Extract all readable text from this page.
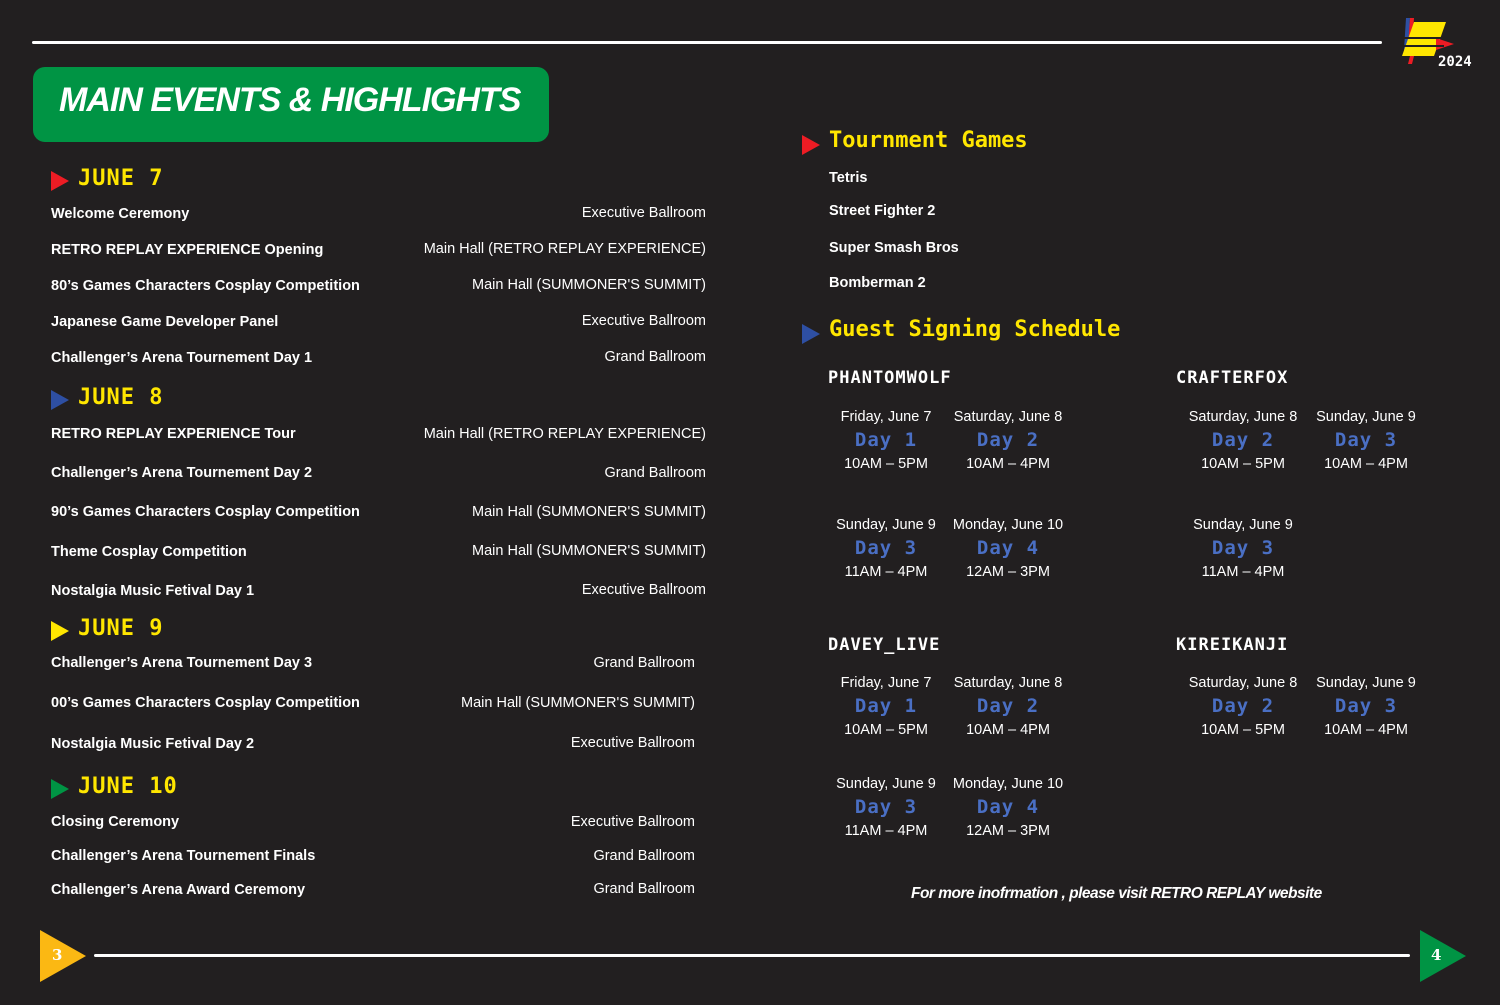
2024
MAIN EVENTS & HIGHLIGHTS
JUNE 7
Welcome Ceremony	Executive Ballroom
RETRO REPLAY EXPERIENCE Opening	Main Hall (RETRO REPLAY EXPERIENCE)
80’s Games Characters Cosplay Competition	Main Hall (SUMMONER'S SUMMIT)
Japanese Game Developer Panel	Executive Ballroom
Challenger’s Arena Tournement Day 1	Grand Ballroom
JUNE 8
RETRO REPLAY EXPERIENCE Tour	Main Hall (RETRO REPLAY EXPERIENCE)
Challenger’s Arena Tournement Day 2	Grand Ballroom
90’s Games Characters Cosplay Competition	Main Hall (SUMMONER'S SUMMIT)
Theme Cosplay Competition	Main Hall (SUMMONER'S SUMMIT)
Nostalgia Music Fetival Day 1	Executive Ballroom
JUNE 9
Challenger’s Arena Tournement Day 3	Grand Ballroom
00’s Games Characters Cosplay Competition	Main Hall (SUMMONER'S SUMMIT)
Nostalgia Music Fetival Day 2	Executive Ballroom
JUNE 10
Closing Ceremony	Executive Ballroom
Challenger’s Arena Tournement Finals	Grand Ballroom
Challenger’s Arena Award Ceremony	Grand Ballroom
Tournment Games
Tetris
Street Fighter 2
Super Smash Bros
Bomberman 2
Guest Signing Schedule
PHANTOMWOLF
Friday, June 7
Day 1
10AM – 5PM
Saturday, June 8
Day 2
10AM – 4PM
Sunday, June 9
Day 3
11AM – 4PM
Monday, June 10
Day 4
12AM – 3PM
CRAFTERFOX
Saturday, June 8
Day 2
10AM – 5PM
Sunday, June 9
Day 3
10AM – 4PM
Sunday, June 9
Day 3
11AM – 4PM
DAVEY_LIVE
Friday, June 7
Day 1
10AM – 5PM
Saturday, June 8
Day 2
10AM – 4PM
Sunday, June 9
Day 3
11AM – 4PM
Monday, June 10
Day 4
12AM – 3PM
KIREIKANJI
Saturday, June 8
Day 2
10AM – 5PM
Sunday, June 9
Day 3
10AM – 4PM
For more inofrmation , please visit RETRO REPLAY website
3	4
